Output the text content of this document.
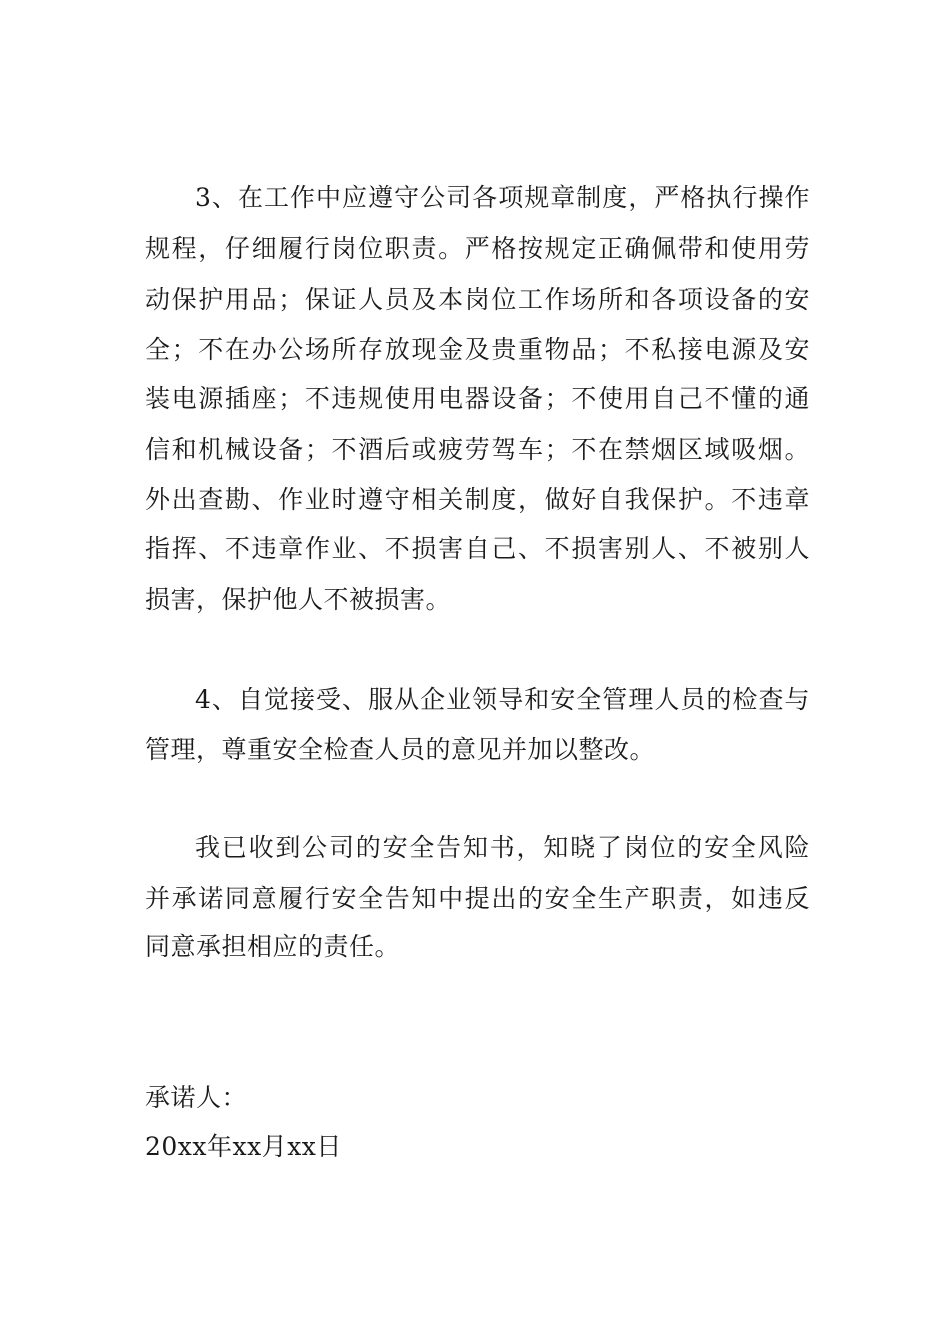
3、在工作中应遵守公司各项规章制度，严格执行操作
规程，仔细履行岗位职责。严格按规定正确佩带和使用劳
动保护用品；保证人员及本岗位工作场所和各项设备的安
全；不在办公场所存放现金及贵重物品；不私接电源及安
装电源插座；不违规使用电器设备；不使用自己不懂的通
信和机械设备；不酒后或疲劳驾车；不在禁烟区域吸烟。
外出查勘、作业时遵守相关制度，做好自我保护。不违章
指挥、不违章作业、不损害自己、不损害别人、不被别人
损害，保护他人不被损害。
4、自觉接受、服从企业领导和安全管理人员的检查与
管理，尊重安全检查人员的意见并加以整改。
我已收到公司的安全告知书，知晓了岗位的安全风险
并承诺同意履行安全告知中提出的安全生产职责，如违反
同意承担相应的责任。
承诺人：
20xx年xx月xx日
